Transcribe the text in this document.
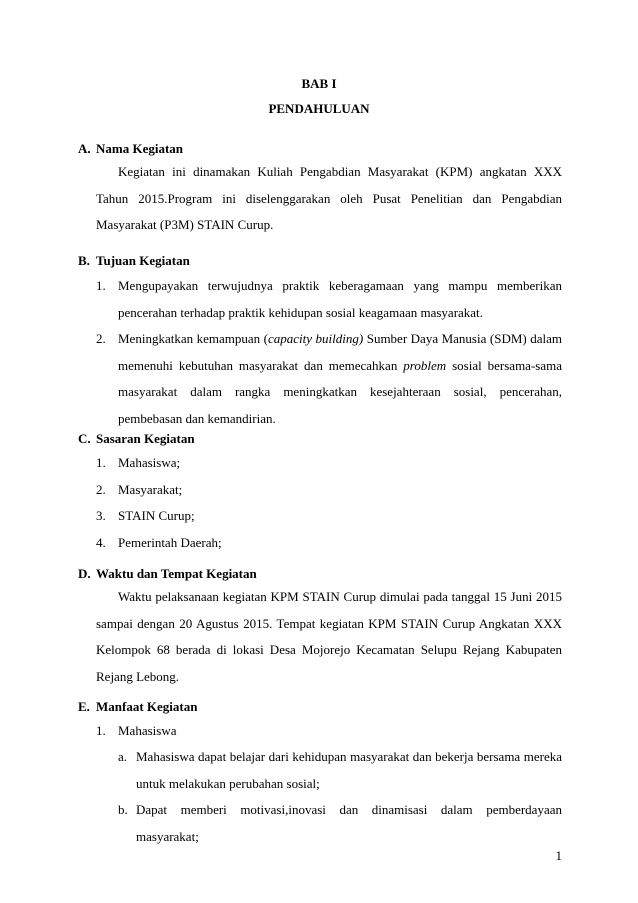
BAB I
PENDAHULUAN
A. Nama Kegiatan
Kegiatan ini dinamakan Kuliah Pengabdian Masyarakat (KPM) angkatan XXX Tahun 2015.Program ini diselenggarakan oleh Pusat Penelitian dan Pengabdian Masyarakat (P3M) STAIN Curup.
B. Tujuan Kegiatan
1. Mengupayakan terwujudnya praktik keberagamaan yang mampu memberikan pencerahan terhadap praktik kehidupan sosial keagamaan masyarakat.
2. Meningkatkan kemampuan (capacity building) Sumber Daya Manusia (SDM) dalam memenuhi kebutuhan masyarakat dan memecahkan problem sosial bersama-sama masyarakat dalam rangka meningkatkan kesejahteraan sosial, pencerahan, pembebasan dan kemandirian.
C. Sasaran Kegiatan
1. Mahasiswa;
2. Masyarakat;
3. STAIN Curup;
4. Pemerintah Daerah;
D. Waktu dan Tempat Kegiatan
Waktu pelaksanaan kegiatan KPM STAIN Curup dimulai pada tanggal 15 Juni 2015 sampai dengan 20 Agustus 2015. Tempat kegiatan KPM STAIN Curup Angkatan XXX Kelompok 68 berada di lokasi Desa Mojorejo Kecamatan Selupu Rejang Kabupaten Rejang Lebong.
E. Manfaat Kegiatan
1. Mahasiswa
a. Mahasiswa dapat belajar dari kehidupan masyarakat dan bekerja bersama mereka untuk melakukan perubahan sosial;
b. Dapat memberi motivasi,inovasi dan dinamisasi dalam pemberdayaan masyarakat;
1
